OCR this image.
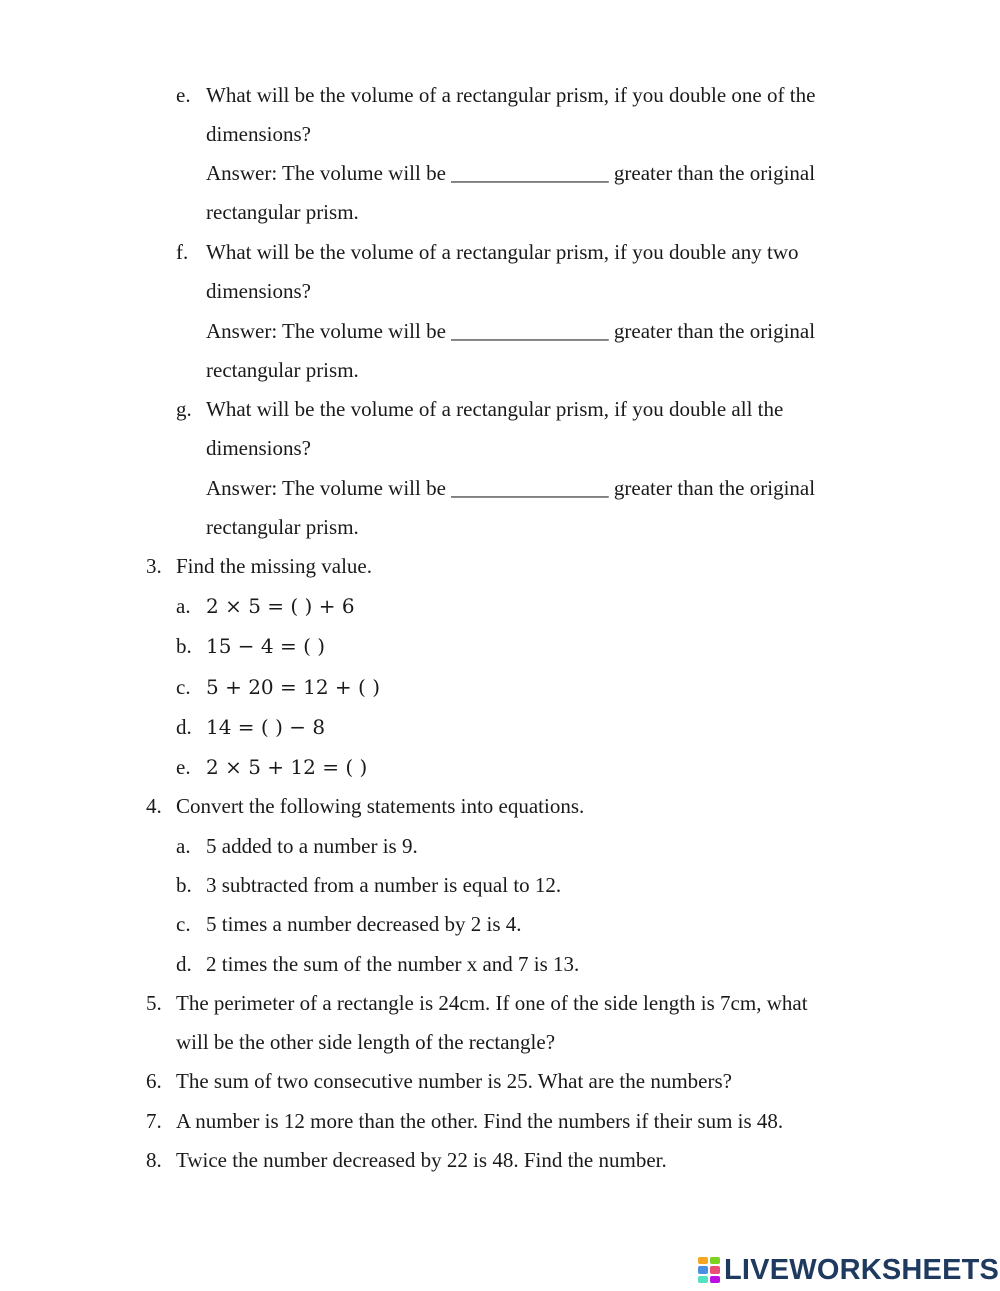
e. What will be the volume of a rectangular prism, if you double one of the
dimensions?
Answer: The volume will be _______________ greater than the original
rectangular prism.
f. What will be the volume of a rectangular prism, if you double any two
dimensions?
Answer: The volume will be _______________ greater than the original
rectangular prism.
g. What will be the volume of a rectangular prism, if you double all the
dimensions?
Answer: The volume will be _______________ greater than the original
rectangular prism.
3. Find the missing value.
a. 2 × 5 = ( ) + 6
b. 15 − 4 = ( )
c. 5 + 20 = 12 + ( )
d. 14 = ( ) − 8
e. 2 × 5 + 12 = ( )
4. Convert the following statements into equations.
a. 5 added to a number is 9.
b. 3 subtracted from a number is equal to 12.
c. 5 times a number decreased by 2 is 4.
d. 2 times the sum of the number x and 7 is 13.
5. The perimeter of a rectangle is 24cm. If one of the side length is 7cm, what
will be the other side length of the rectangle?
6. The sum of two consecutive number is 25. What are the numbers?
7. A number is 12 more than the other. Find the numbers if their sum is 48.
8. Twice the number decreased by 22 is 48. Find the number.
LIVEWORKSHEETS
